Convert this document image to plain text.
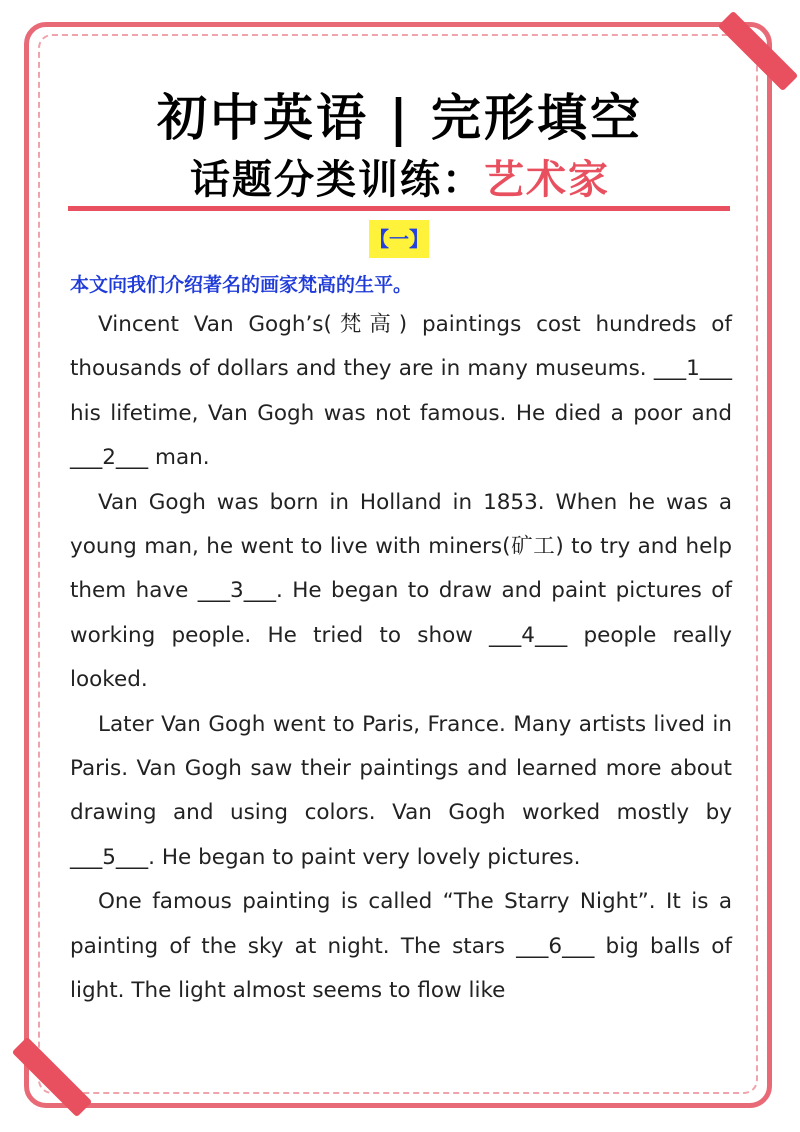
初中英语 | 完形填空
话题分类训练：艺术家
【一】
本文向我们介绍著名的画家梵高的生平。

Vincent Van Gogh’s(梵高) paintings cost hundreds of thousands of dollars and they are in many museums. ___1___ his lifetime, Van Gogh was not famous. He died a poor and ___2___ man.

Van Gogh was born in Holland in 1853. When he was a young man, he went to live with miners(矿工) to try and help them have ___3___. He began to draw and paint pictures of working people. He tried to show ___4___ people really looked.

Later Van Gogh went to Paris, France. Many artists lived in Paris. Van Gogh saw their paintings and learned more about drawing and using colors. Van Gogh worked mostly by ___5___. He began to paint very lovely pictures.

One famous painting is called “The Starry Night”. It is a painting of the sky at night. The stars ___6___ big balls of light. The light almost seems to flow like
